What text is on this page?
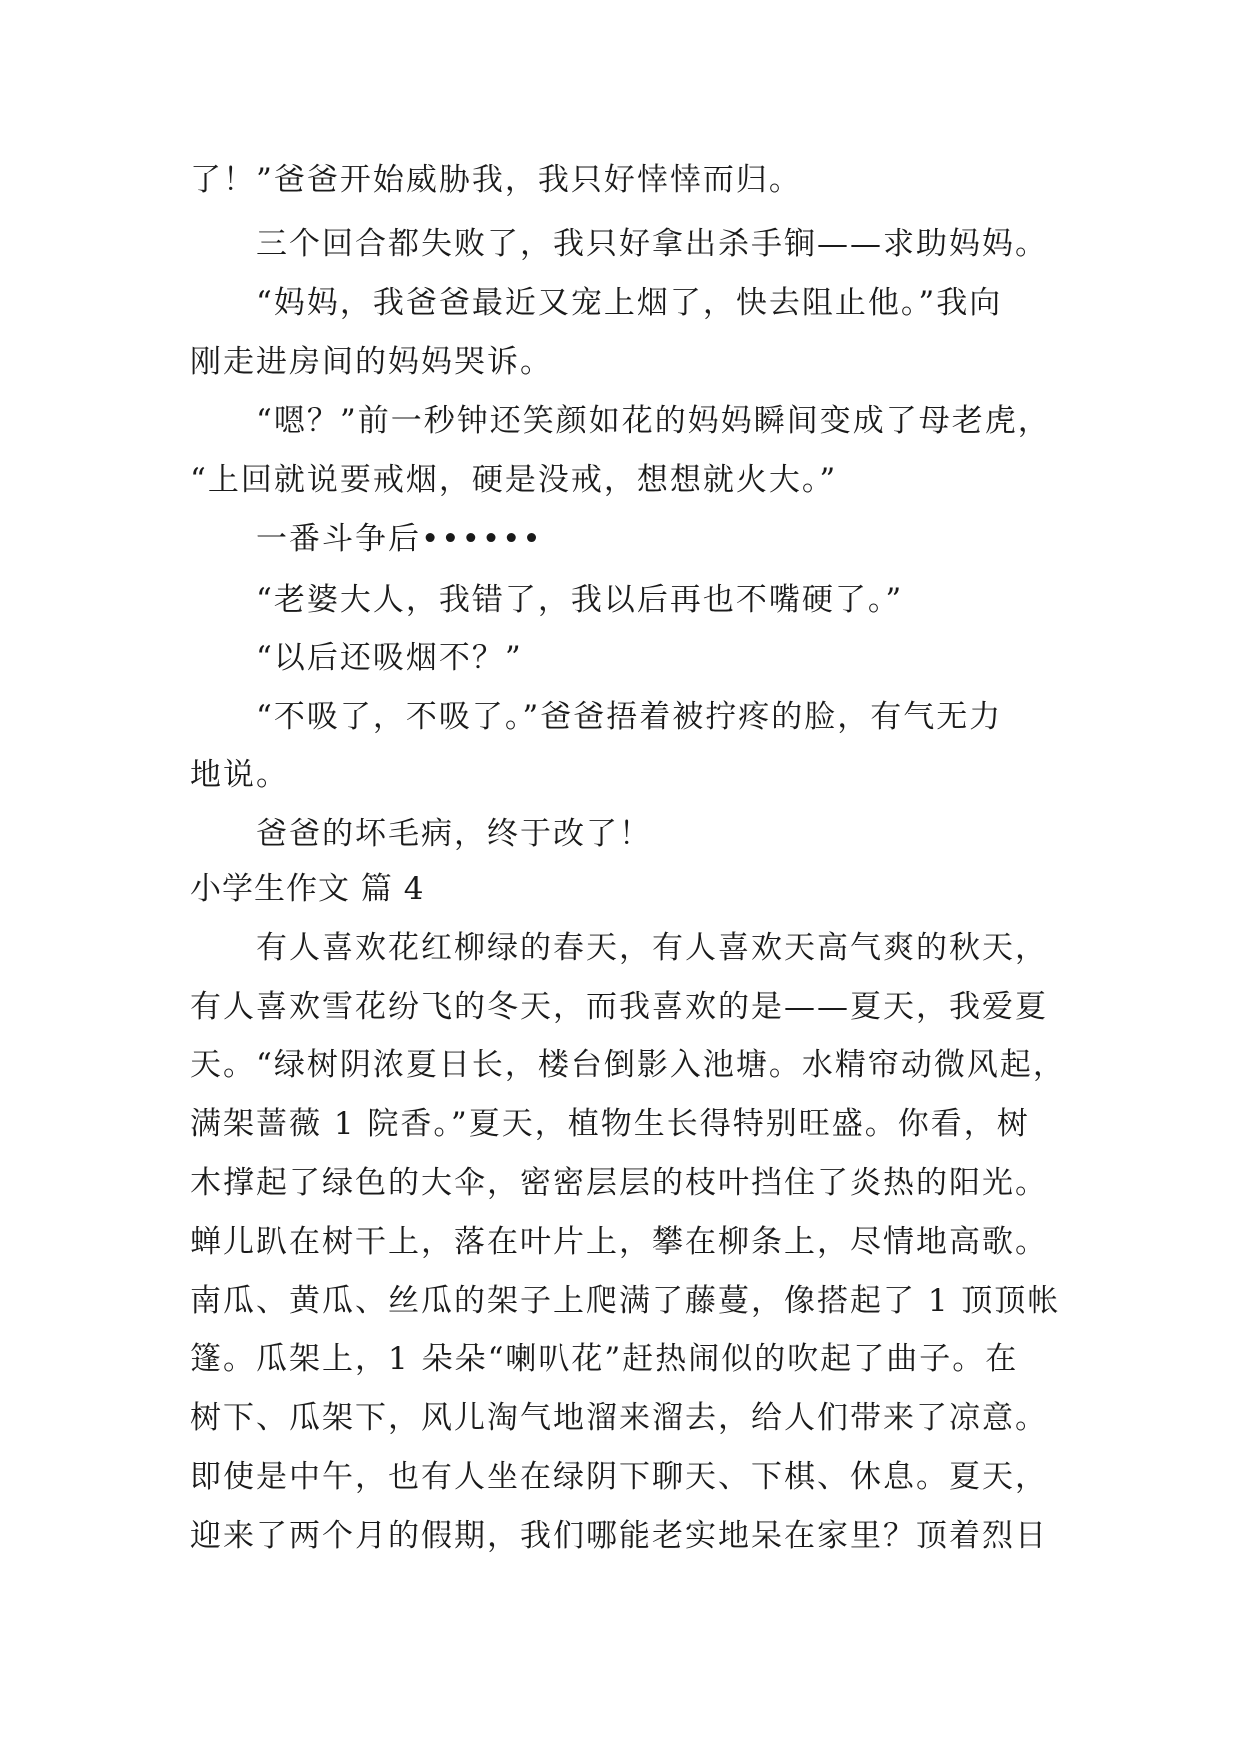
了！”爸爸开始威胁我，我只好悻悻而归。
三个回合都失败了，我只好拿出杀手锏——求助妈妈。
“妈妈，我爸爸最近又宠上烟了，快去阻止他。”我向
刚走进房间的妈妈哭诉。
“嗯？”前一秒钟还笑颜如花的妈妈瞬间变成了母老虎，
“上回就说要戒烟，硬是没戒，想想就火大。”
一番斗争后••••••
“老婆大人，我错了，我以后再也不嘴硬了。”
“以后还吸烟不？”
“不吸了，不吸了。”爸爸捂着被拧疼的脸，有气无力
地说。
爸爸的坏毛病，终于改了！
小学生作文 篇 4
有人喜欢花红柳绿的春天，有人喜欢天高气爽的秋天，
有人喜欢雪花纷飞的冬天，而我喜欢的是——夏天，我爱夏
天。“绿树阴浓夏日长，楼台倒影入池塘。水精帘动微风起，
满架蔷薇 1 院香。”夏天，植物生长得特别旺盛。你看，树
木撑起了绿色的大伞，密密层层的枝叶挡住了炎热的阳光。
蝉儿趴在树干上，落在叶片上，攀在柳条上，尽情地高歌。
南瓜、黄瓜、丝瓜的架子上爬满了藤蔓，像搭起了 1 顶顶帐
篷。瓜架上，1 朵朵“喇叭花”赶热闹似的吹起了曲子。在
树下、瓜架下，风儿淘气地溜来溜去，给人们带来了凉意。
即使是中午，也有人坐在绿阴下聊天、下棋、休息。夏天，
迎来了两个月的假期，我们哪能老实地呆在家里？顶着烈日
